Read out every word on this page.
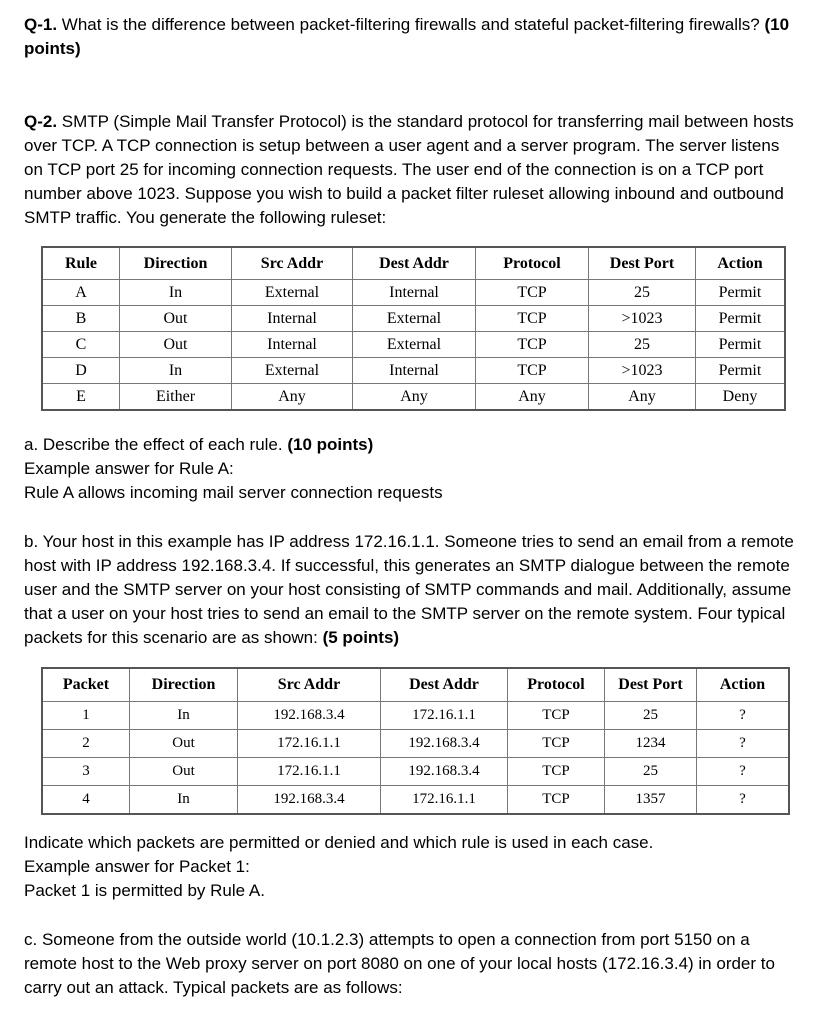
Q-1. What is the difference between packet-filtering firewalls and stateful packet-filtering firewalls? (10 points)

Q-2. SMTP (Simple Mail Transfer Protocol) is the standard protocol for transferring mail between hosts over TCP. A TCP connection is setup between a user agent and a server program. The server listens on TCP port 25 for incoming connection requests. The user end of the connection is on a TCP port number above 1023. Suppose you wish to build a packet filter ruleset allowing inbound and outbound SMTP traffic. You generate the following ruleset:

Rule	Direction	Src Addr	Dest Addr	Protocol	Dest Port	Action
A	In	External	Internal	TCP	25	Permit
B	Out	Internal	External	TCP	>1023	Permit
C	Out	Internal	External	TCP	25	Permit
D	In	External	Internal	TCP	>1023	Permit
E	Either	Any	Any	Any	Any	Deny

a. Describe the effect of each rule. (10 points)

Example answer for Rule A:

Rule A allows incoming mail server connection requests

b. Your host in this example has IP address 172.16.1.1. Someone tries to send an email from a remote host with IP address 192.168.3.4. If successful, this generates an SMTP dialogue between the remote user and the SMTP server on your host consisting of SMTP commands and mail. Additionally, assume that a user on your host tries to send an email to the SMTP server on the remote system. Four typical packets for this scenario are as shown: (5 points)

Packet	Direction	Src Addr	Dest Addr	Protocol	Dest Port	Action
1	In	192.168.3.4	172.16.1.1	TCP	25	?
2	Out	172.16.1.1	192.168.3.4	TCP	1234	?
3	Out	172.16.1.1	192.168.3.4	TCP	25	?
4	In	192.168.3.4	172.16.1.1	TCP	1357	?

Indicate which packets are permitted or denied and which rule is used in each case.

Example answer for Packet 1:

Packet 1 is permitted by Rule A.

c. Someone from the outside world (10.1.2.3) attempts to open a connection from port 5150 on a remote host to the Web proxy server on port 8080 on one of your local hosts (172.16.3.4) in order to carry out an attack. Typical packets are as follows:
